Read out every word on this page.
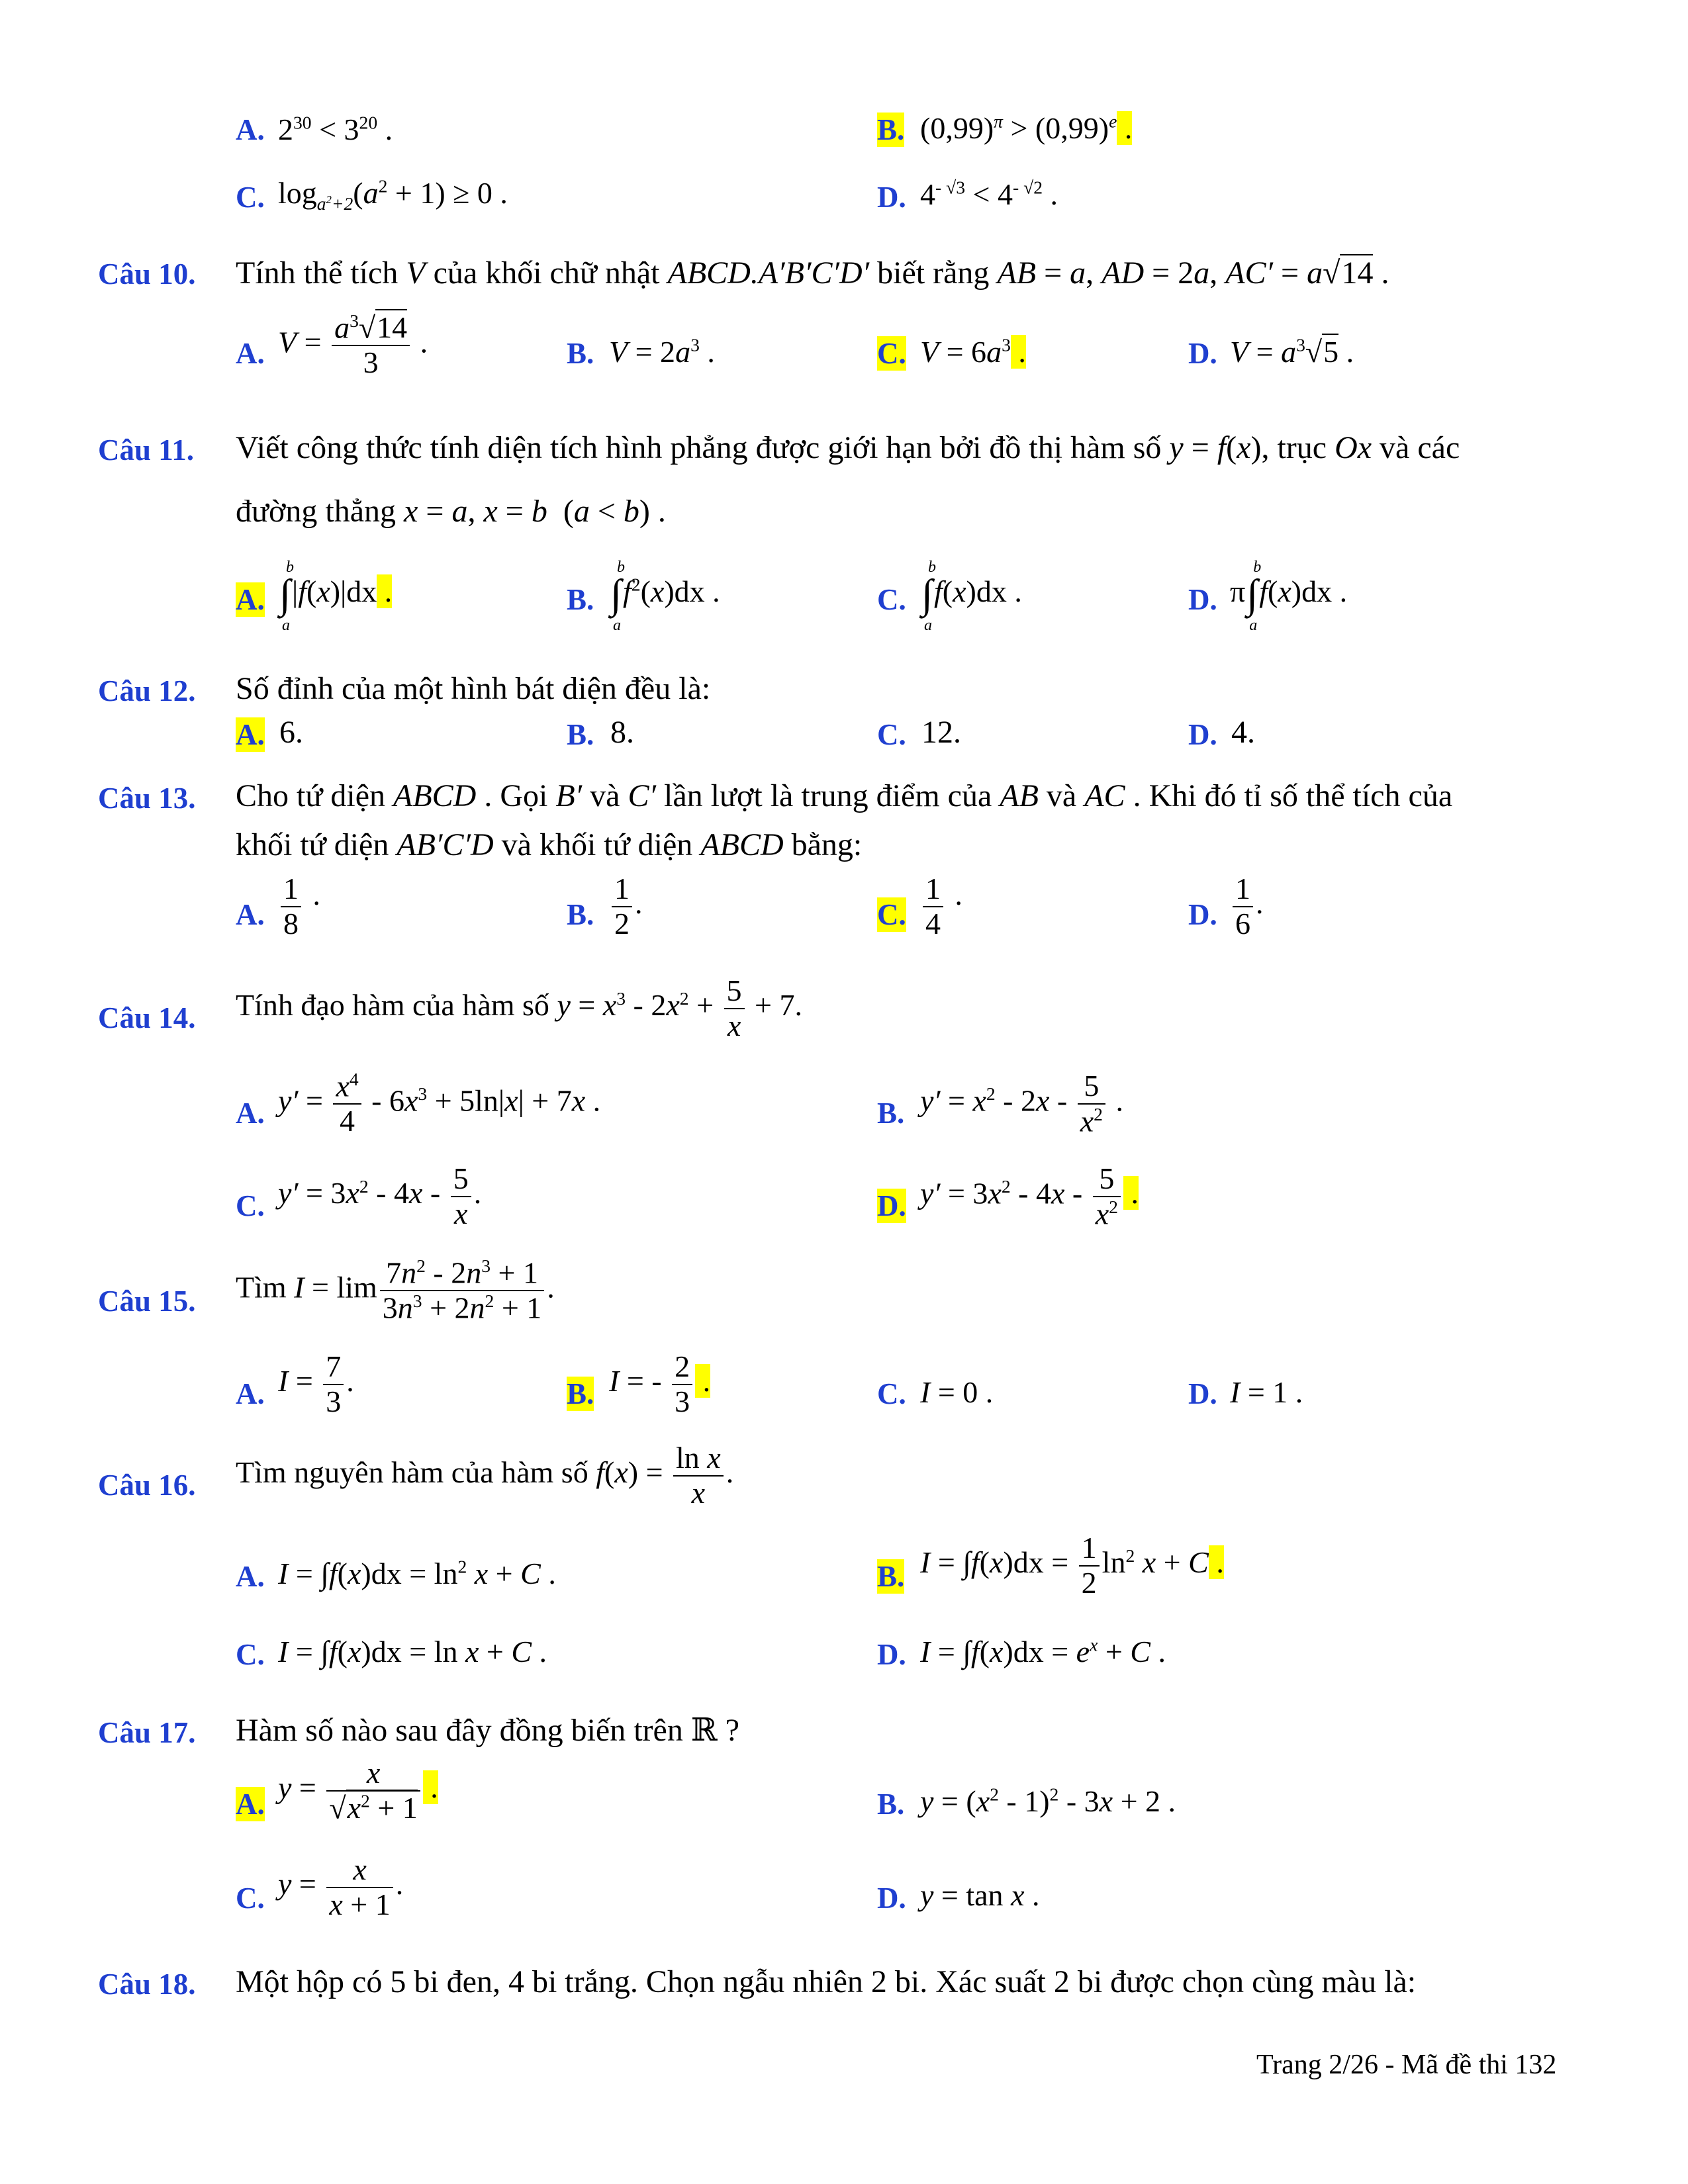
A. $2^{30} < 3^{20}$ .	B. $(0,99)^\pi > (0,99)^e$ .
C. $\log_{a^2+2}(a^2 + 1) \ge 0$ .	D. $4^{- √3} < 4^{- √2}$ .
Câu 10. Tính thể tích V của khối chữ nhật ABCD.A′B′C′D′ biết rằng AB = a, AD = 2a, AC′ = a√14 .
A. $V = \frac{a^3√14}{3}$ .	B. $V = 2a^3$ .	C. $V = 6a^3$ .	D. $V = a^3√5$ .
Câu 11. Viết công thức tính diện tích hình phẳng được giới hạn bởi đồ thị hàm số y = f(x), trục Ox và các
đường thẳng x = a, x = b  (a < b) .
A. ∫
b
a
|f(x)|dx .	B. ∫
b
a
$f^2(x)dx$ .	C. ∫
b
a
f(x)dx .	D. π∫
b
a
f(x)dx .
Câu 12. Số đỉnh của một hình bát diện đều là:
A. 6.	B. 8.	C. 12.	D. 4.
Câu 13. Cho tứ diện ABCD . Gọi B′ và C′ lần lượt là trung điểm của AB và AC . Khi đó tỉ số thể tích của
khối tứ diện AB′C′D và khối tứ diện ABCD bằng:
A. $\frac{1}{8}$ ·	B. $\frac{1}{2}$ .	C. $\frac{1}{4}$ ·	D. $\frac{1}{6}$ .
Câu 14. Tính đạo hàm của hàm số $y = x^3 - 2x^2 + \frac{5}{x} + 7$.
A. $y' = \frac{x^4}{4} - 6x^3 + 5\ln|x| + 7x$ .	B. $y' = x^2 - 2x - \frac{5}{x^2}$ .
C. $y' = 3x^2 - 4x - \frac{5}{x}$ .	D. $y' = 3x^2 - 4x - \frac{5}{x^2}$ .
Câu 15. Tìm $I = \lim \frac{7n^2 - 2n^3 + 1}{3n^3 + 2n^2 + 1}$ .
A. $I = \frac{7}{3}$ .	B. I = - $\frac{2}{3}$ .	C. I = 0 .	D. I = 1 .
Câu 16. Tìm nguyên hàm của hàm số $f(x) = \frac{\text{ln x}}{x}$ .
A. $I = \int f(x)dx = \ln^2 x + C$ .	B. $I = \int f(x)dx = \frac{1}{2} \ln^2 x + C$ .
C. I = ∫f(x)dx = ln x + C .	D. $I = \int f(x)dx = e^x + C$ .
Câu 17. Hàm số nào sau đây đồng biến trên ℝ ?
A. $y = \frac{x}{√x^2 + 1}$ .	B. $y = (x^2 - 1)^2 - 3x + 2$ .
C. $y = \frac{x}{x + 1}$ .	D. y = tan x .
Câu 18. Một hộp có 5 bi đen, 4 bi trắng. Chọn ngẫu nhiên 2 bi. Xác suất 2 bi được chọn cùng màu là:
Trang 2/26 - Mã đề thi 132
